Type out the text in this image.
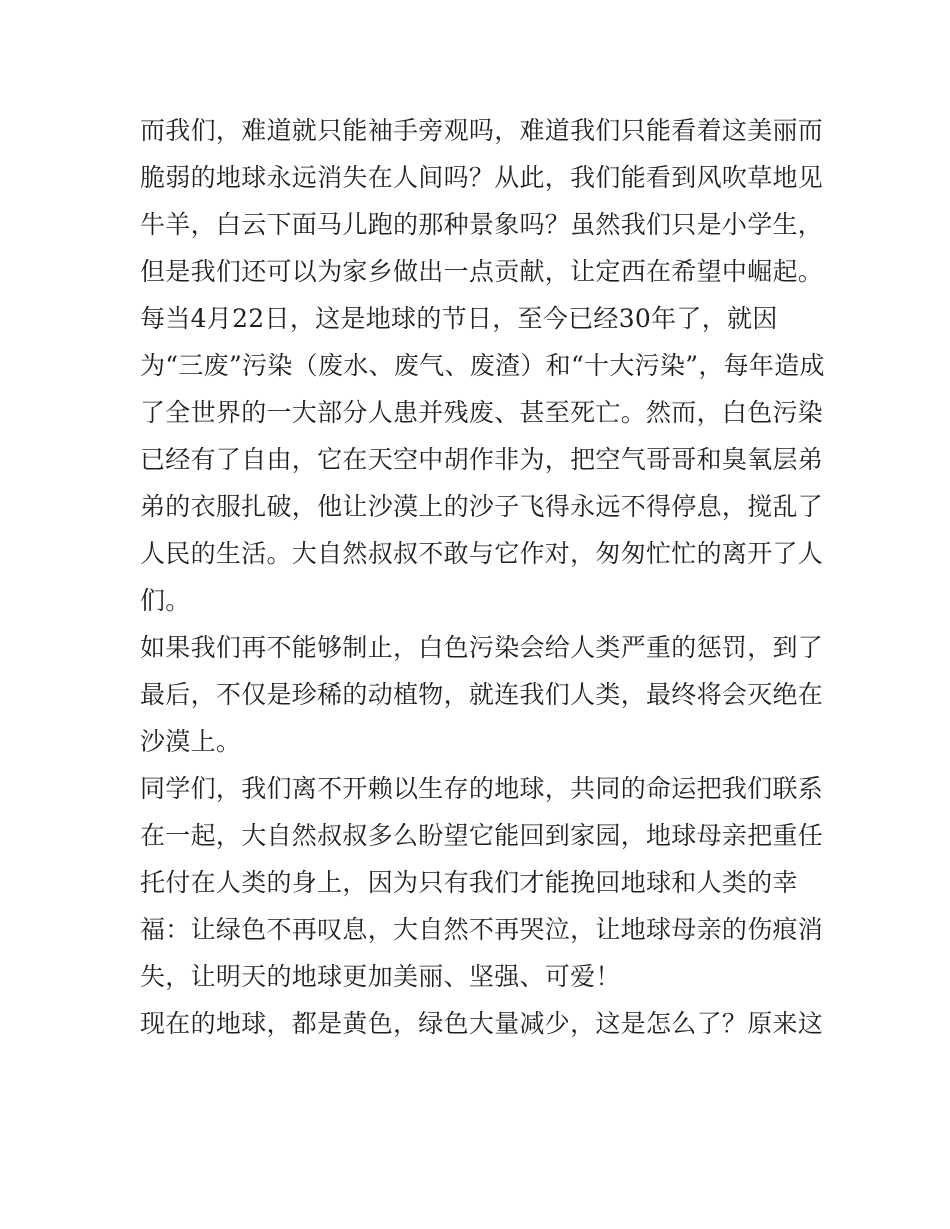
而我们，难道就只能袖手旁观吗，难道我们只能看着这美丽而
脆弱的地球永远消失在人间吗？从此，我们能看到风吹草地见
牛羊，白云下面马儿跑的那种景象吗？虽然我们只是小学生，
但是我们还可以为家乡做出一点贡献，让定西在希望中崛起。
每当4月22日，这是地球的节日，至今已经30年了，就因
为“三废”污染（废水、废气、废渣）和“十大污染”，每年造成
了全世界的一大部分人患并残废、甚至死亡。然而，白色污染
已经有了自由，它在天空中胡作非为，把空气哥哥和臭氧层弟
弟的衣服扎破，他让沙漠上的沙子飞得永远不得停息，搅乱了
人民的生活。大自然叔叔不敢与它作对，匆匆忙忙的离开了人
们。
如果我们再不能够制止，白色污染会给人类严重的惩罚，到了
最后，不仅是珍稀的动植物，就连我们人类，最终将会灭绝在
沙漠上。
同学们，我们离不开赖以生存的地球，共同的命运把我们联系
在一起，大自然叔叔多么盼望它能回到家园，地球母亲把重任
托付在人类的身上，因为只有我们才能挽回地球和人类的幸
福：让绿色不再叹息，大自然不再哭泣，让地球母亲的伤痕消
失，让明天的地球更加美丽、坚强、可爱！
现在的地球，都是黄色，绿色大量减少，这是怎么了？原来这
